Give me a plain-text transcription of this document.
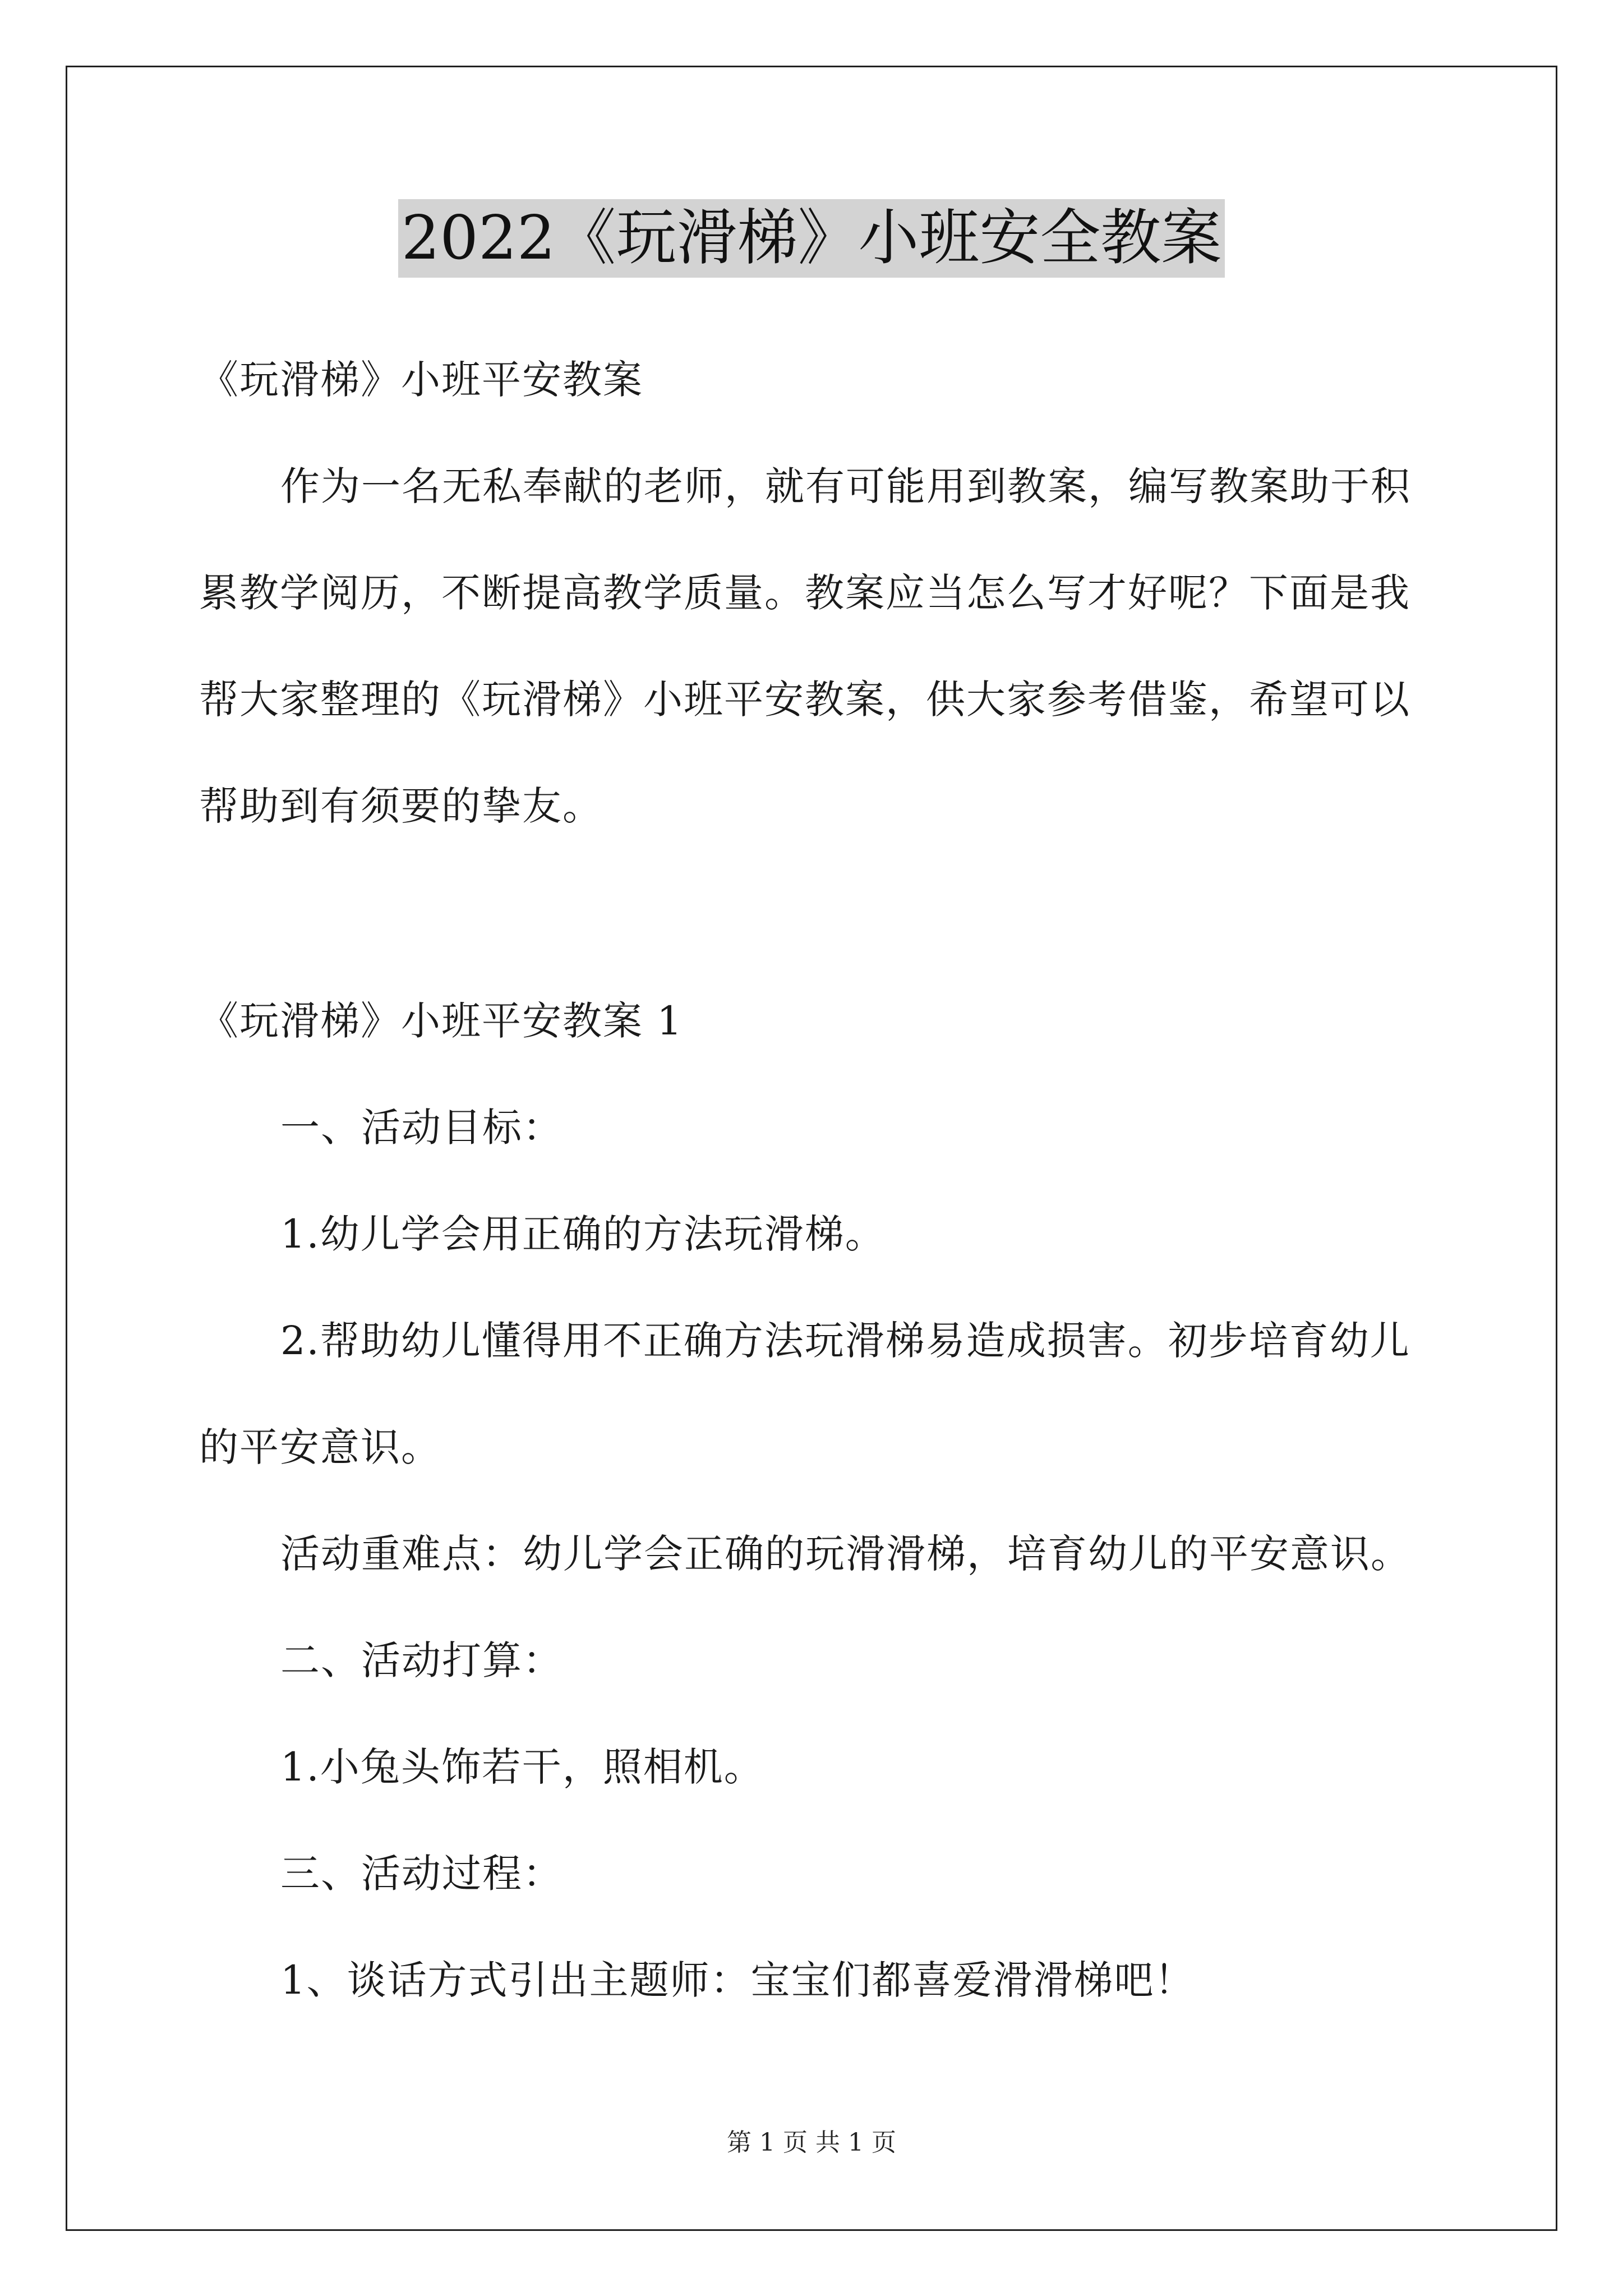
2022《玩滑梯》小班安全教案
《玩滑梯》小班平安教案
作为一名无私奉献的老师，就有可能用到教案，编写教案助于积
累教学阅历，不断提高教学质量。教案应当怎么写才好呢？下面是我
帮大家整理的《玩滑梯》小班平安教案，供大家参考借鉴，希望可以
帮助到有须要的挚友。
《玩滑梯》小班平安教案 1
一、活动目标：
1.幼儿学会用正确的方法玩滑梯。
2.帮助幼儿懂得用不正确方法玩滑梯易造成损害。初步培育幼儿
的平安意识。
活动重难点：幼儿学会正确的玩滑滑梯，培育幼儿的平安意识。
二、活动打算：
1.小兔头饰若干，照相机。
三、活动过程：
1、谈话方式引出主题师：宝宝们都喜爱滑滑梯吧！
第 1 页 共 1 页
